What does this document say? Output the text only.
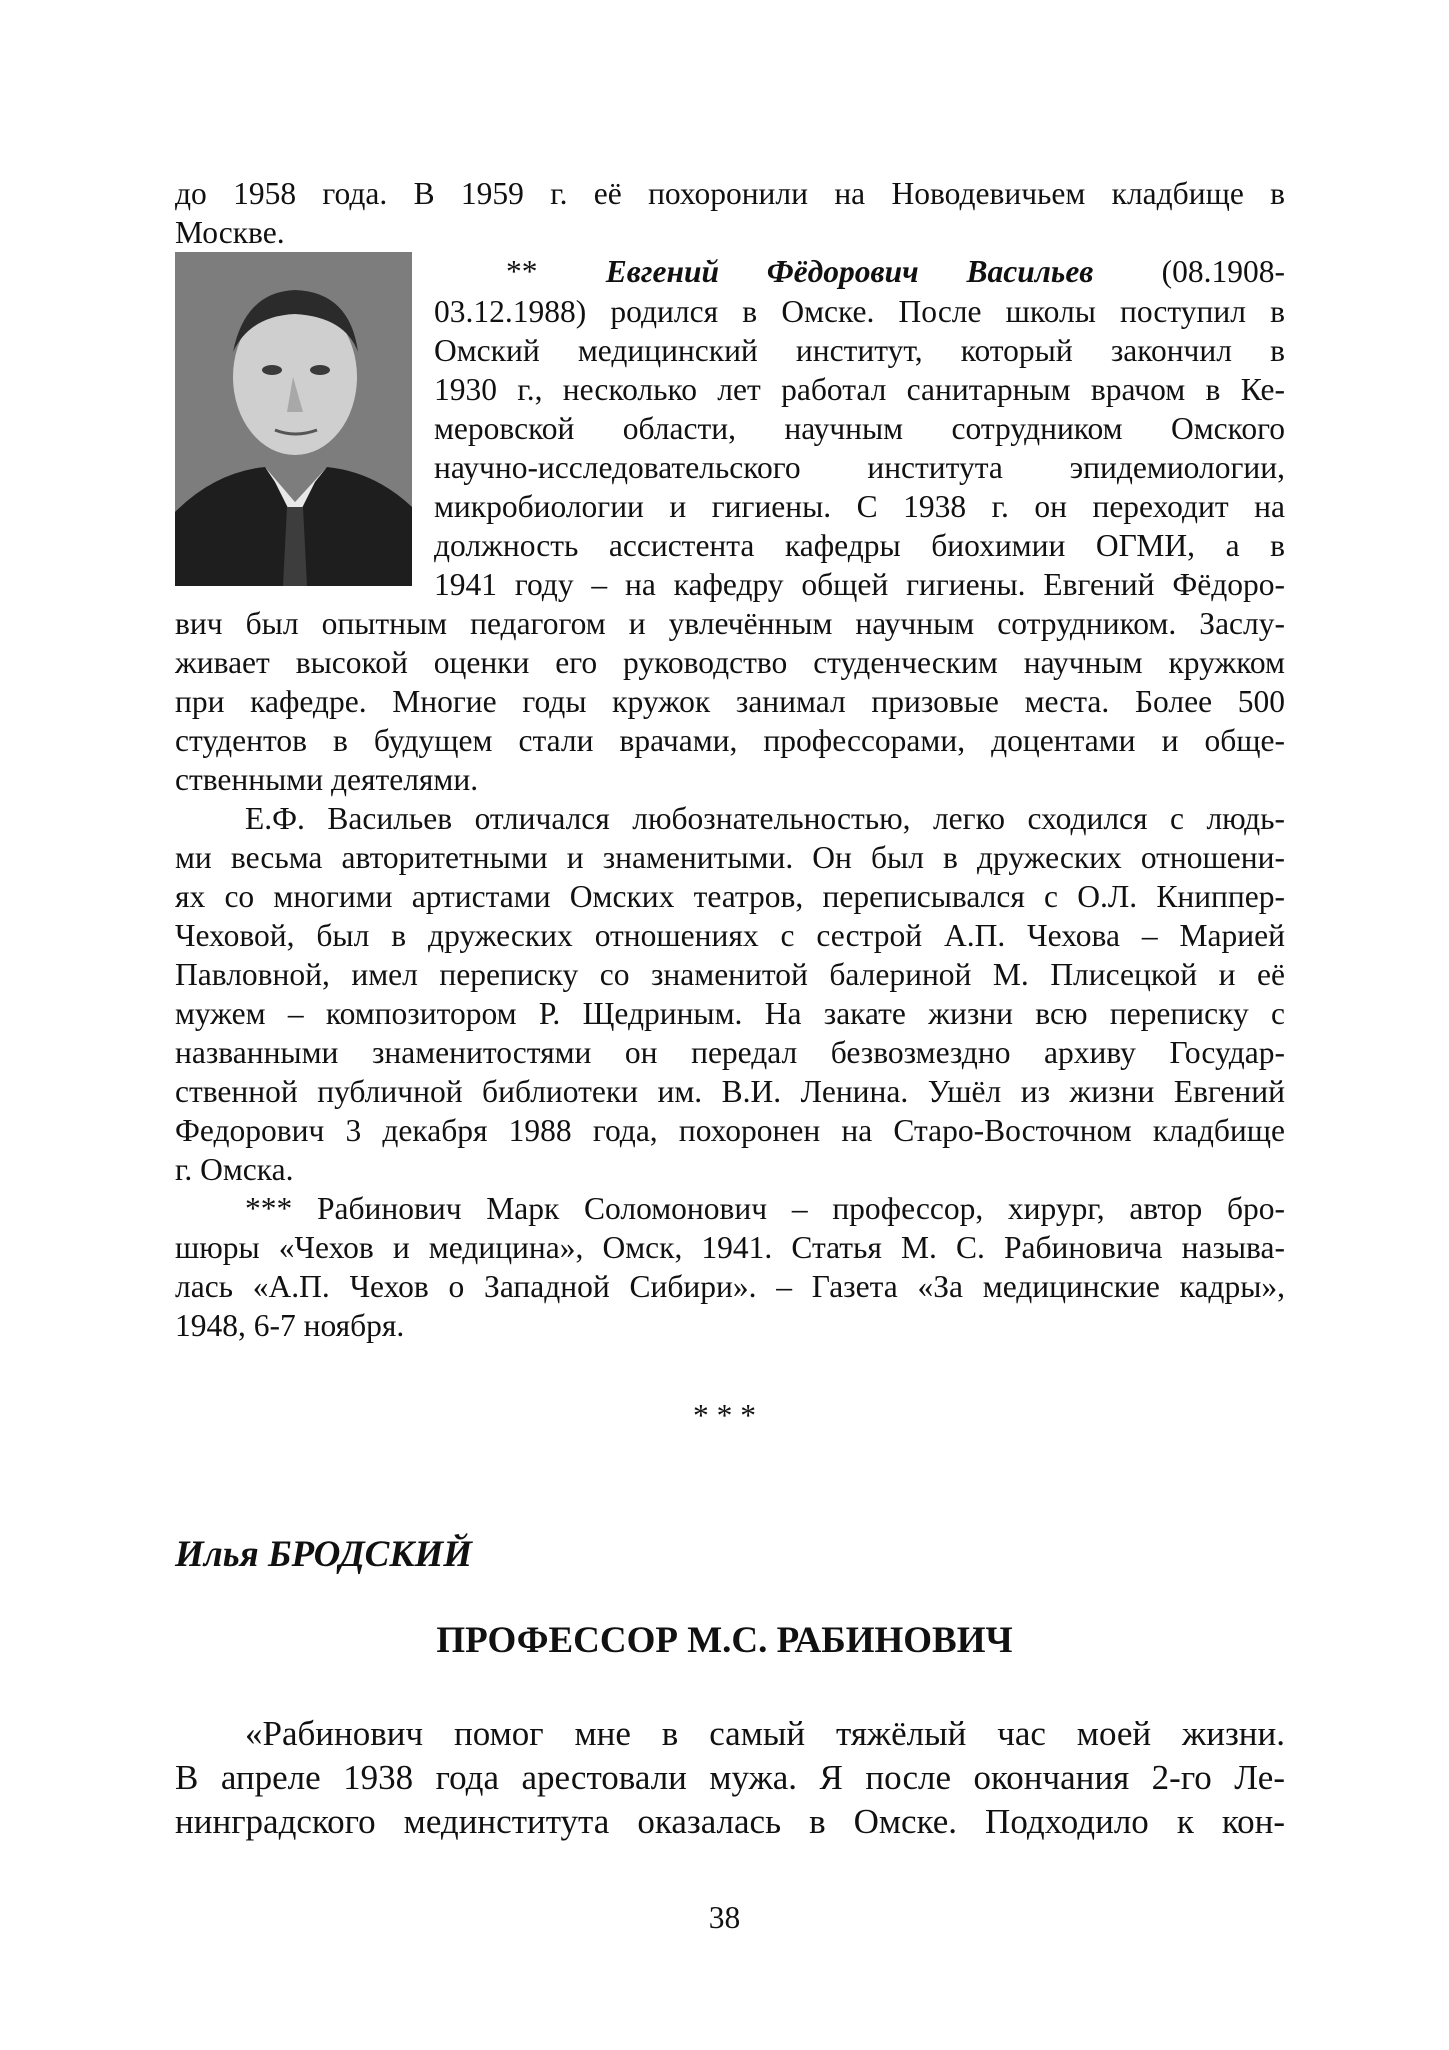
до 1958 года. В 1959 г. её похоронили на Новодевичьем кладбище в
Москве.
** Евгений Фёдорович Васильев (08.1908-
03.12.1988) родился в Омске. После школы поступил в
Омский медицинский институт, который закончил в
1930 г., несколько лет работал санитарным врачом в Ке-
меровской области, научным сотрудником Омского
научно-исследовательского института эпидемиологии,
микробиологии и гигиены. С 1938 г. он переходит на
должность ассистента кафедры биохимии ОГМИ, а в
1941 году – на кафедру общей гигиены. Евгений Фёдоро-
вич был опытным педагогом и увлечённым научным сотрудником. Заслу-
живает высокой оценки его руководство студенческим научным кружком
при кафедре. Многие годы кружок занимал призовые места. Более 500
студентов в будущем стали врачами, профессорами, доцентами и обще-
ственными деятелями.
Е.Ф. Васильев отличался любознательностью, легко сходился с людь-
ми весьма авторитетными и знаменитыми. Он был в дружеских отношени-
ях со многими артистами Омских театров, переписывался с О.Л. Книппер-
Чеховой, был в дружеских отношениях с сестрой А.П. Чехова – Марией
Павловной, имел переписку со знаменитой балериной М. Плисецкой и её
мужем – композитором Р. Щедриным. На закате жизни всю переписку с
названными знаменитостями он передал безвозмездно архиву Государ-
ственной публичной библиотеки им. В.И. Ленина. Ушёл из жизни Евгений
Федорович 3 декабря 1988 года, похоронен на Старо-Восточном кладбище
г. Омска.
*** Рабинович Марк Соломонович – профессор, хирург, автор бро-
шюры «Чехов и медицина», Омск, 1941. Статья М. С. Рабиновича называ-
лась «А.П. Чехов о Западной Сибири». – Газета «За медицинские кадры»,
1948, 6-7 ноября.
* * *
Илья БРОДСКИЙ
ПРОФЕССОР М.С. РАБИНОВИЧ
«Рабинович помог мне в самый тяжёлый час моей жизни.
В апреле 1938 года арестовали мужа. Я после окончания 2-го Ле-
нинградского мединститута оказалась в Омске. Подходило к кон-
38
